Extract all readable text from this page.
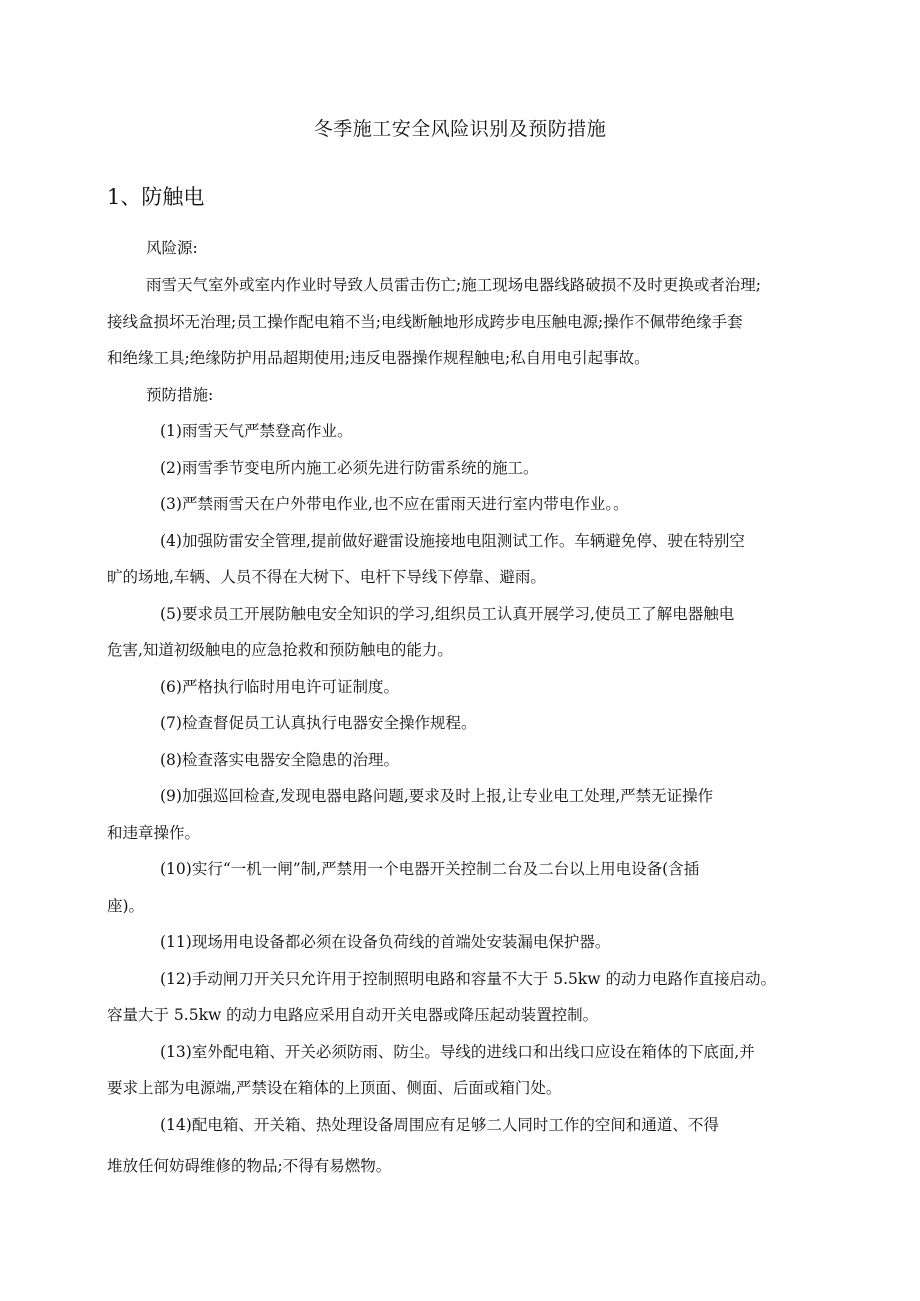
冬季施工安全风险识别及预防措施
1、防触电

风险源:

雨雪天气室外或室内作业时导致人员雷击伤亡;施工现场电器线路破损不及时更换或者治理;

接线盒损坏无治理;员工操作配电箱不当;电线断触地形成跨步电压触电源;操作不佩带绝缘手套

和绝缘工具;绝缘防护用品超期使用;违反电器操作规程触电;私自用电引起事故。

预防措施:

(1)雨雪天气严禁登高作业。

(2)雨雪季节变电所内施工必须先进行防雷系统的施工。

(3)严禁雨雪天在户外带电作业,也不应在雷雨天进行室内带电作业。。

(4)加强防雷安全管理,提前做好避雷设施接地电阻测试工作。车辆避免停、驶在特别空

旷的场地,车辆、人员不得在大树下、电杆下导线下停靠、避雨。

(5)要求员工开展防触电安全知识的学习,组织员工认真开展学习,使员工了解电器触电

危害,知道初级触电的应急抢救和预防触电的能力。

(6)严格执行临时用电许可证制度。

(7)检查督促员工认真执行电器安全操作规程。

(8)检查落实电器安全隐患的治理。

(9)加强巡回检查,发现电器电路问题,要求及时上报,让专业电工处理,严禁无证操作

和违章操作。

(10)实行“一机一闸”制,严禁用一个电器开关控制二台及二台以上用电设备(含插

座)。

(11)现场用电设备都必须在设备负荷线的首端处安装漏电保护器。

(12)手动闸刀开关只允许用于控制照明电路和容量不大于 5.5kw 的动力电路作直接启动。

容量大于 5.5kw 的动力电路应采用自动开关电器或降压起动装置控制。

(13)室外配电箱、开关必须防雨、防尘。导线的进线口和出线口应设在箱体的下底面,并

要求上部为电源端,严禁设在箱体的上顶面、侧面、后面或箱门处。

(14)配电箱、开关箱、热处理设备周围应有足够二人同时工作的空间和通道、不得

堆放任何妨碍维修的物品;不得有易燃物。
